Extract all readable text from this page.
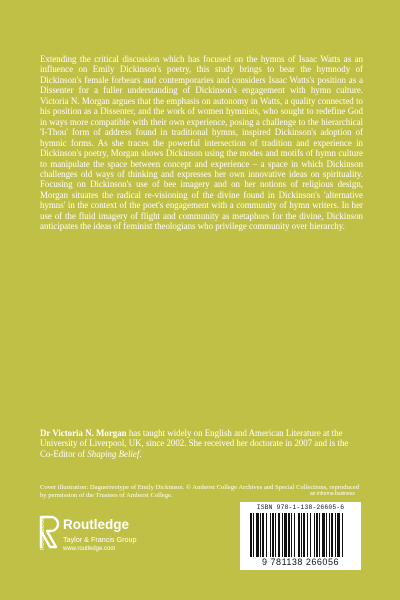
Extending the critical discussion which has focused on the hymns of Isaac Watts as an influence on Emily Dickinson's poetry, this study brings to bear the hymnody of Dickinson's female forbears and contemporaries and considers Isaac Watts's position as a Dissenter for a fuller understanding of Dickinson's engagement with hymn culture. Victoria N. Morgan argues that the emphasis on autonomy in Watts, a quality connected to his position as a Dissenter, and the work of women hymnists, who sought to redefine God in ways more compatible with their own experience, posing a challenge to the hierarchical 'I-Thou' form of address found in traditional hymns, inspired Dickinson's adoption of hymnic forms. As she traces the powerful intersection of tradition and experience in Dickinson's poetry, Morgan shows Dickinson using the modes and motifs of hymn culture to manipulate the space between concept and experience – a space in which Dickinson challenges old ways of thinking and expresses her own innovative ideas on spirituality. Focusing on Dickinson's use of bee imagery and on her notions of religious design, Morgan situates the radical re-visioning of the divine found in Dickinson's 'alternative hymns' in the context of the poet's engagement with a community of hymn writers. In her use of the fluid imagery of flight and community as metaphors for the divine, Dickinson anticipates the ideas of feminist theologians who privilege community over hierarchy.

Dr Victoria N. Morgan has taught widely on English and American Literature at the University of Liverpool, UK, since 2002. She received her doctorate in 2007 and is the Co-Editor of Shaping Belief.

Cover illustration: Daguerreotype of Emily Dickinson. © Amherst College Archives and Special Collections, reproduced by permission of the Trustees of Amherst College.

ROUTLEDGE Routledge
Taylor & Francis Group
www.routledge.com
an informa business
ISBN 978-1-138-26605-6
9 781138 266056
